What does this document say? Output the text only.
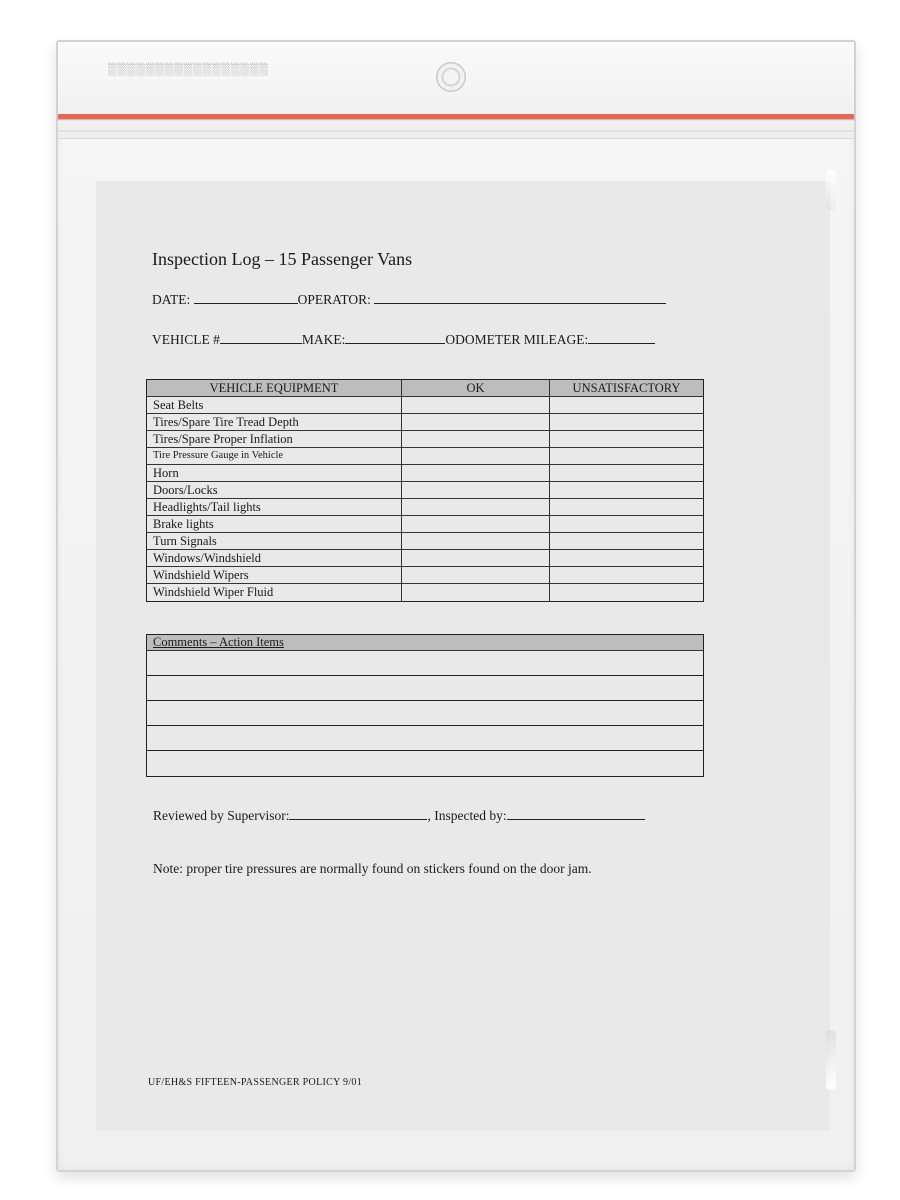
▒▒▒▒▒▒▒▒▒▒▒▒▒▒▒▒▒
Inspection Log – 15 Passenger Vans
DATE:	OPERATOR:
VEHICLE #	MAKE:	ODOMETER MILEAGE:
VEHICLE EQUIPMENT	OK	UNSATISFACTORY
Seat Belts
Tires/Spare Tire Tread Depth
Tires/Spare Proper Inflation
Tire Pressure Gauge in Vehicle
Horn
Doors/Locks
Headlights/Tail lights
Brake lights
Turn Signals
Windows/Windshield
Windshield Wipers
Windshield Wiper Fluid
Comments – Action Items
Reviewed by Supervisor:	, Inspected by:
Note: proper tire pressures are normally found on stickers found on the door jam.
UF/EH&S FIFTEEN-PASSENGER POLICY 9/01
